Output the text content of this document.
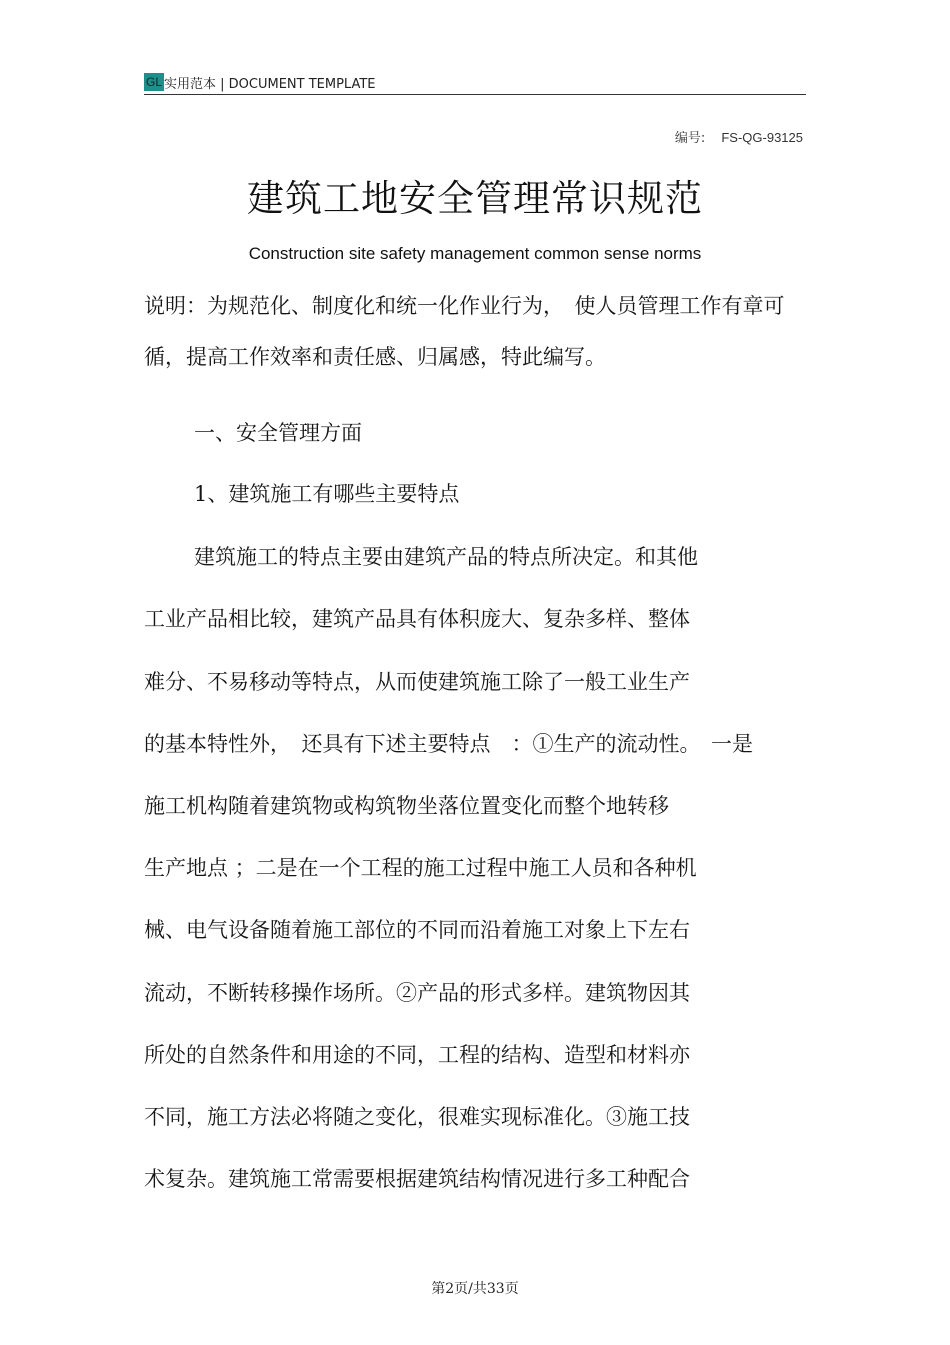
GL 实用范本 | DOCUMENT TEMPLATE
编号: FS-QG-93125
建筑工地安全管理常识规范
Construction site safety management common sense norms
说明：为规范化、制度化和统一化作业行为，　使人员管理工作有章可
循，提高工作效率和责任感、归属感，特此编写。
一、安全管理方面
1、建筑施工有哪些主要特点
建筑施工的特点主要由建筑产品的特点所决定。和其他
工业产品相比较，建筑产品具有体积庞大、复杂多样、整体
难分、不易移动等特点，从而使建筑施工除了一般工业生产
的基本特性外，　还具有下述主要特点　：①生产的流动性。　一是
施工机构随着建筑物或构筑物坐落位置变化而整个地转移
生产地点 ；二是在一个工程的施工过程中施工人员和各种机
械、电气设备随着施工部位的不同而沿着施工对象上下左右
流动，不断转移操作场所。②产品的形式多样。建筑物因其
所处的自然条件和用途的不同，工程的结构、造型和材料亦
不同，施工方法必将随之变化，很难实现标准化。③施工技
术复杂。建筑施工常需要根据建筑结构情况进行多工种配合
第2页/共33页
